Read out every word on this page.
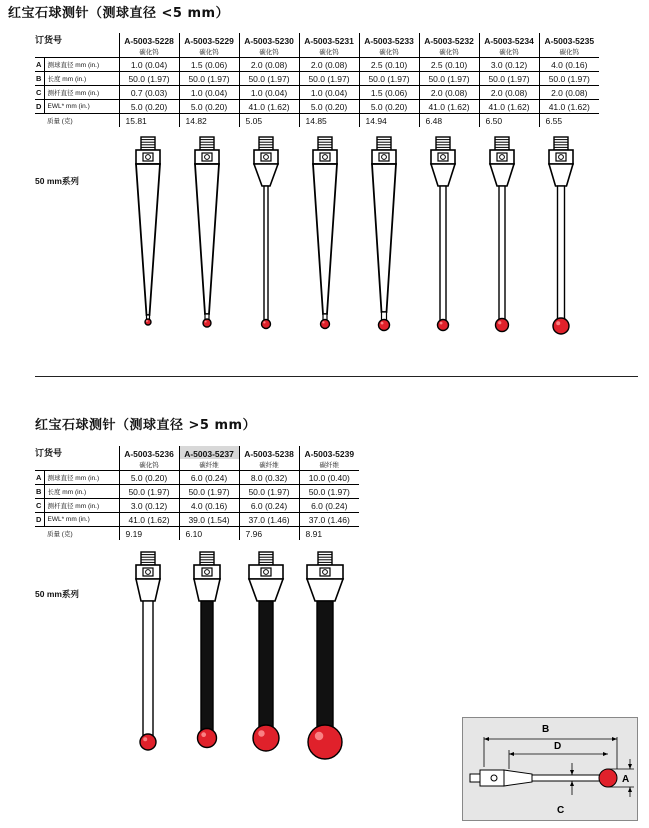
红宝石球测针（测球直径 <5 mm）
订货号		A-5003-5228	A-5003-5229	A-5003-5230	A-5003-5231	A-5003-5233	A-5003-5232	A-5003-5234	A-5003-5235
		碳化钨	碳化钨	碳化钨	碳化钨	碳化钨	碳化钨	碳化钨	碳化钨
A	测球直径 mm (in.)	1.0 (0.04)	1.5 (0.06)	2.0 (0.08)	2.0 (0.08)	2.5 (0.10)	2.5 (0.10)	3.0 (0.12)	4.0 (0.16)
B	长度 mm (in.)	50.0 (1.97)	50.0 (1.97)	50.0 (1.97)	50.0 (1.97)	50.0 (1.97)	50.0 (1.97)	50.0 (1.97)	50.0 (1.97)
C	测杆直径 mm (in.)	0.7 (0.03)	1.0 (0.04)	1.0 (0.04)	1.0 (0.04)	1.5 (0.06)	2.0 (0.08)	2.0 (0.08)	2.0 (0.08)
D	EWL* mm (in.)	5.0 (0.20)	5.0 (0.20)	41.0 (1.62)	5.0 (0.20)	5.0 (0.20)	41.0 (1.62)	41.0 (1.62)	41.0 (1.62)
	质量 (克)	15.81	14.82	5.05	14.85	14.94	6.48	6.50	6.55
50 mm系列
红宝石球测针（测球直径 >5 mm）
订货号		A-5003-5236	A-5003-5237	A-5003-5238	A-5003-5239
		碳化钨	碳纤维	碳纤维	碳纤维
A	测球直径 mm (in.)	5.0 (0.20)	6.0 (0.24)	8.0 (0.32)	10.0 (0.40)
B	长度 mm (in.)	50.0 (1.97)	50.0 (1.97)	50.0 (1.97)	50.0 (1.97)
C	测杆直径 mm (in.)	3.0 (0.12)	4.0 (0.16)	6.0 (0.24)	6.0 (0.24)
D	EWL* mm (in.)	41.0 (1.62)	39.0 (1.54)	37.0 (1.46)	37.0 (1.46)
	质量 (克)	9.19	6.10	7.96	8.91
50 mm系列
B
D
A
C
